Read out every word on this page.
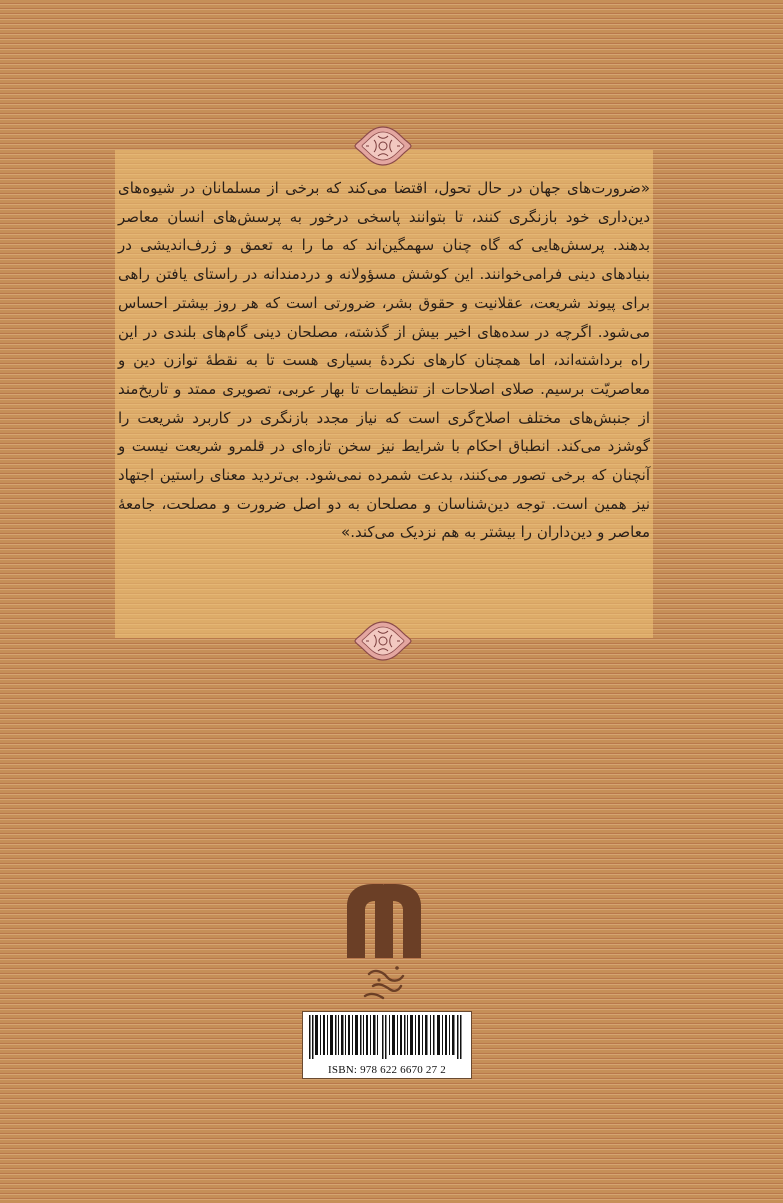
«ضرورت‌های جهان در حال تحول، اقتضا می‌کند که برخی از مسلمانان در شیوه‌های دین‌داری خود بازنگری کنند، تا بتوانند پاسخی درخور به پرسش‌های انسان معاصر بدهند. پرسش‌هایی که گاه چنان سهمگین‌اند که ما را به تعمق و ژرف‌اندیشی در بنیادهای دینی فرامی‌خوانند. این کوشش مسؤولانه و دردمندانه در راستای یافتن راهی برای پیوند شریعت، عقلانیت و حقوق بشر، ضرورتی است که هر روز بیشتر احساس می‌شود. اگرچه در سده‌های اخیر بیش از گذشته، مصلحان دینی گام‌های بلندی در این راه برداشته‌اند، اما همچنان کارهای نکردهٔ بسیاری هست تا به نقطهٔ توازن دین و معاصریّت برسیم. صلای اصلاحات از تنظیمات تا بهار عربی، تصویری ممتد و تاریخ‌مند از جنبش‌های مختلف اصلاح‌گری است که نیاز مجدد بازنگری در کاربرد شریعت را گوشزد می‌کند. انطباق احکام با شرایط نیز سخن تازه‌ای در قلمرو شریعت نیست و آنچنان که برخی تصور می‌کنند، بدعت شمرده نمی‌شود. بی‌تردید معنای راستین اجتهاد نیز همین است. توجه دین‌شناسان و مصلحان به دو اصل ضرورت و مصلحت، جامعهٔ معاصر و دین‌داران را بیشتر به هم نزدیک می‌کند.»

ISBN: 978 622 6670 27 2
